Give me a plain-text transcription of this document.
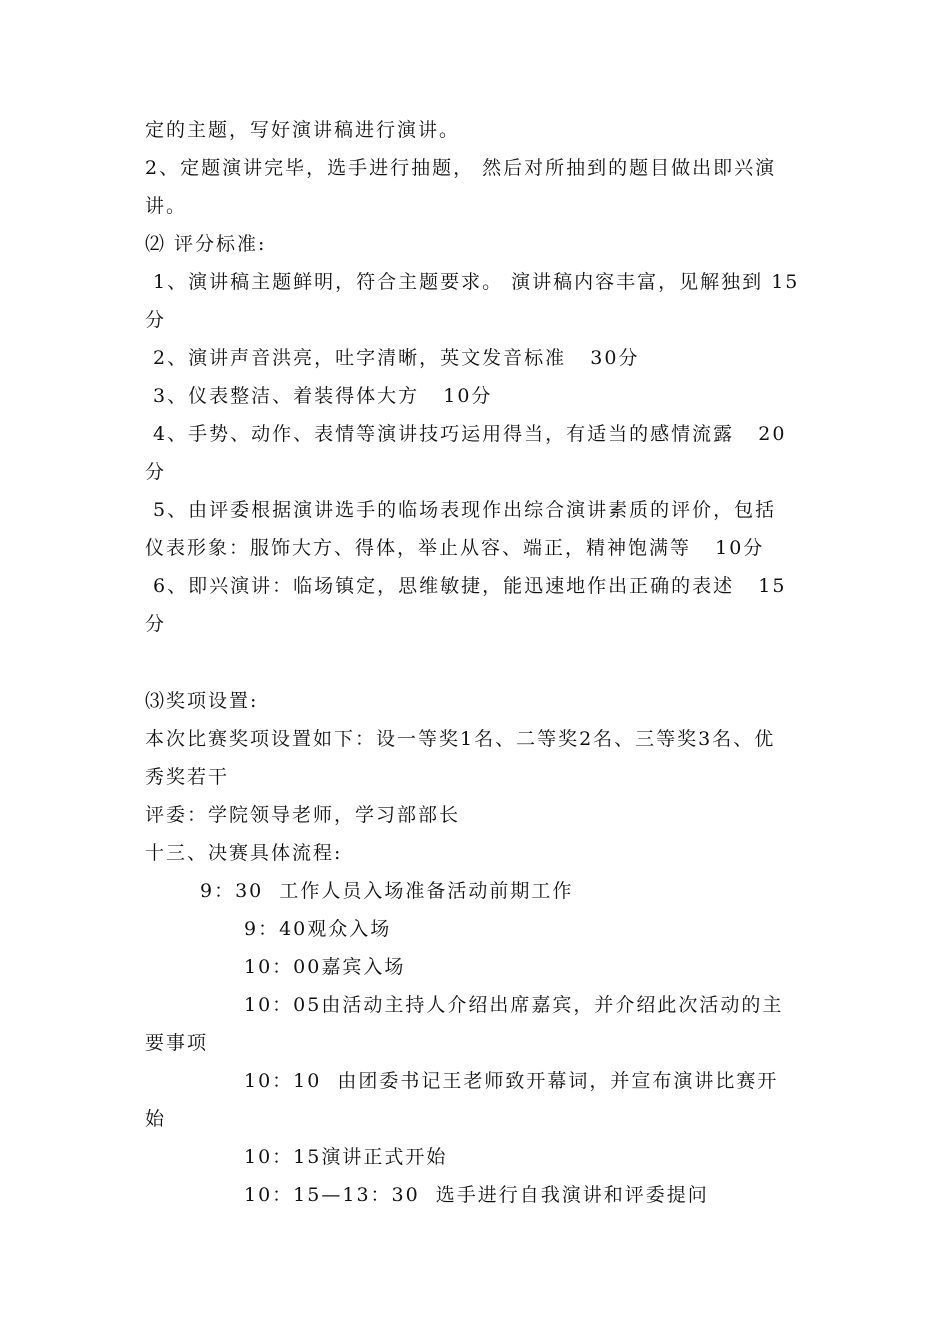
定的主题，写好演讲稿进行演讲。

2、定题演讲完毕，选手进行抽题， 然后对所抽到的题目做出即兴演

讲。

⑵ 评分标准:

1、演讲稿主题鲜明，符合主题要求。 演讲稿内容丰富，见解独到 15

分

2、演讲声音洪亮，吐字清晰，英文发音标准   30分

3、仪表整洁、着装得体大方   10分

4、手势、动作、表情等演讲技巧运用得当，有适当的感情流露   20

分

5、由评委根据演讲选手的临场表现作出综合演讲素质的评价，包括

仪表形象：服饰大方、得体，举止从容、端正，精神饱满等   10分

6、即兴演讲：临场镇定，思维敏捷，能迅速地作出正确的表述   15

分

⑶奖项设置:

本次比赛奖项设置如下：设一等奖1名、二等奖2名、三等奖3名、优

秀奖若干

评委：学院领导老师，学习部部长

十三、决赛具体流程:

9：30  工作人员入场准备活动前期工作

9：40观众入场

10：00嘉宾入场

10：05由活动主持人介绍出席嘉宾，并介绍此次活动的主

要事项

10：10  由团委书记王老师致开幕词，并宣布演讲比赛开

始

10：15演讲正式开始

10：15—13：30  选手进行自我演讲和评委提问
